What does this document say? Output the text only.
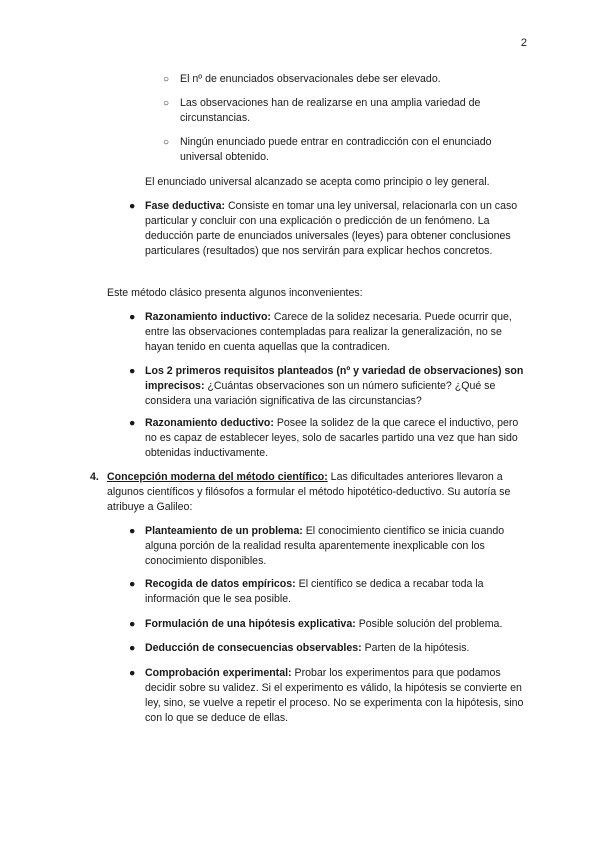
2
○ El nº de enunciados observacionales debe ser elevado.
○ Las observaciones han de realizarse en una amplia variedad de circunstancias.
○ Ningún enunciado puede entrar en contradicción con el enunciado universal obtenido.
El enunciado universal alcanzado se acepta como principio o ley general.
● Fase deductiva: Consiste en tomar una ley universal, relacionarla con un caso particular y concluir con una explicación o predicción de un fenómeno. La deducción parte de enunciados universales (leyes) para obtener conclusiones particulares (resultados) que nos servirán para explicar hechos concretos.
Este método clásico presenta algunos inconvenientes:
● Razonamiento inductivo: Carece de la solidez necesaria. Puede ocurrir que, entre las observaciones contempladas para realizar la generalización, no se hayan tenido en cuenta aquellas que la contradicen.
● Los 2 primeros requisitos planteados (nº y variedad de observaciones) son imprecisos: ¿Cuántas observaciones son un número suficiente? ¿Qué se considera una variación significativa de las circunstancias?
● Razonamiento deductivo: Posee la solidez de la que carece el inductivo, pero no es capaz de establecer leyes, solo de sacarles partido una vez que han sido obtenidas inductivamente.
4. Concepción moderna del método científico: Las dificultades anteriores llevaron a algunos científicos y filósofos a formular el método hipotético-deductivo. Su autoría se atribuye a Galileo:
● Planteamiento de un problema: El conocimiento científico se inicia cuando alguna porción de la realidad resulta aparentemente inexplicable con los conocimiento disponibles.
● Recogida de datos empíricos: El científico se dedica a recabar toda la información que le sea posible.
● Formulación de una hipótesis explicativa: Posible solución del problema.
● Deducción de consecuencias observables: Parten de la hipótesis.
● Comprobación experimental: Probar los experimentos para que podamos decidir sobre su validez. Si el experimento es válido, la hipótesis se convierte en ley, sino, se vuelve a repetir el proceso. No se experimenta con la hipótesis, sino con lo que se deduce de ellas.
